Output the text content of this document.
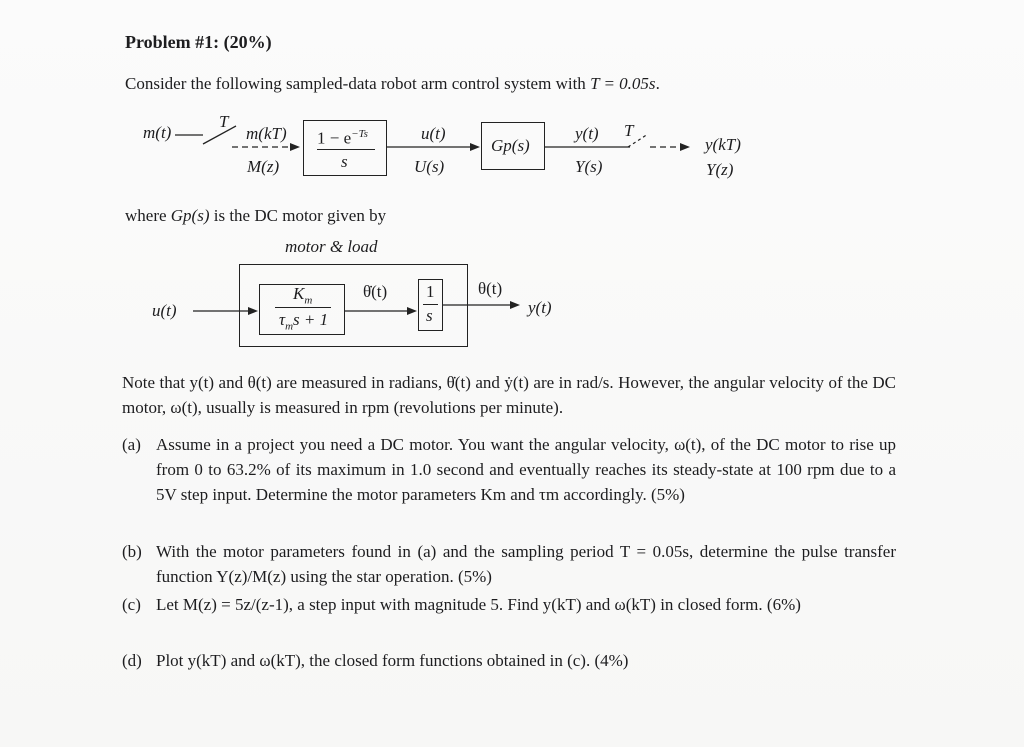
Problem #1: (20%)
Consider the following sampled-data robot arm control system with T = 0.05s.
m(t)
T
m(kT)
M(z)
$1 - e^{-Ts}$
s
u(t)
U(s)
Gp(s)
y(t) T
Y(s)
y(kT)
Y(z)
where Gp(s) is the DC motor given by
motor & load
u(t)
$K_m$
$\tau_ms + 1$
θ̇(t) 1
s
θ(t)
y(t)
Note that y(t) and θ(t) are measured in radians, θ̇(t) and ẏ(t) are in rad/s. However, the angular velocity of the DC motor, ω(t), usually is measured in rpm (revolutions per minute).
(a) Assume in a project you need a DC motor. You want the angular velocity, ω(t), of the DC motor to rise up from 0 to 63.2% of its maximum in 1.0 second and eventually reaches its steady-state at 100 rpm due to a 5V step input. Determine the motor parameters Km and τm accordingly. (5%)
(b) With the motor parameters found in (a) and the sampling period T = 0.05s, determine the pulse transfer function Y(z)/M(z) using the star operation. (5%)
(c) Let M(z) = 5z/(z-1), a step input with magnitude 5. Find y(kT) and ω(kT) in closed form. (6%)
(d) Plot y(kT) and ω(kT), the closed form functions obtained in (c). (4%)
